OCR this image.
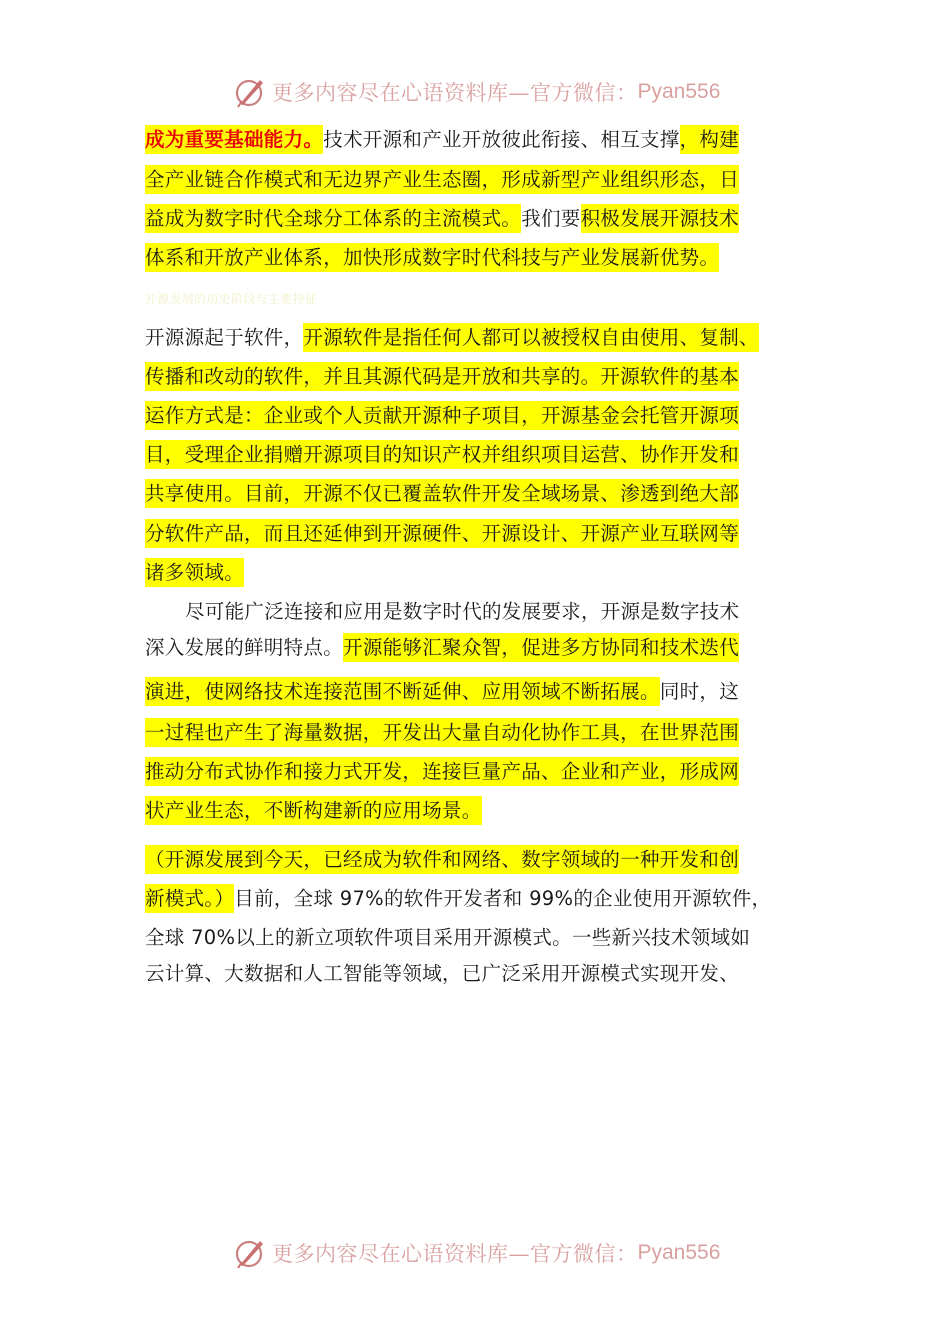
更多内容尽在心语资料库—官方微信： Pyan556
成为重要基础能力。技术开源和产业开放彼此衔接、相互支撑，构建
全产业链合作模式和无边界产业生态圈，形成新型产业组织形态，日
益成为数字时代全球分工体系的主流模式。我们要积极发展开源技术
体系和开放产业体系，加快形成数字时代科技与产业发展新优势。
开源发展的历史阶段与主要特征
开源源起于软件，开源软件是指任何人都可以被授权自由使用、复制、
传播和改动的软件，并且其源代码是开放和共享的。开源软件的基本
运作方式是：企业或个人贡献开源种子项目，开源基金会托管开源项
目，受理企业捐赠开源项目的知识产权并组织项目运营、协作开发和
共享使用。目前，开源不仅已覆盖软件开发全域场景、渗透到绝大部
分软件产品，而且还延伸到开源硬件、开源设计、开源产业互联网等
诸多领域。
尽可能广泛连接和应用是数字时代的发展要求，开源是数字技术
深入发展的鲜明特点。开源能够汇聚众智，促进多方协同和技术迭代
演进，使网络技术连接范围不断延伸、应用领域不断拓展。同时，这
一过程也产生了海量数据，开发出大量自动化协作工具，在世界范围
推动分布式协作和接力式开发，连接巨量产品、企业和产业，形成网
状产业生态，不断构建新的应用场景。
（开源发展到今天，已经成为软件和网络、数字领域的一种开发和创
新模式。）目前，全球 97%的软件开发者和 99%的企业使用开源软件，
全球 70%以上的新立项软件项目采用开源模式。一些新兴技术领域如
云计算、大数据和人工智能等领域，已广泛采用开源模式实现开发、
更多内容尽在心语资料库—官方微信： Pyan556
